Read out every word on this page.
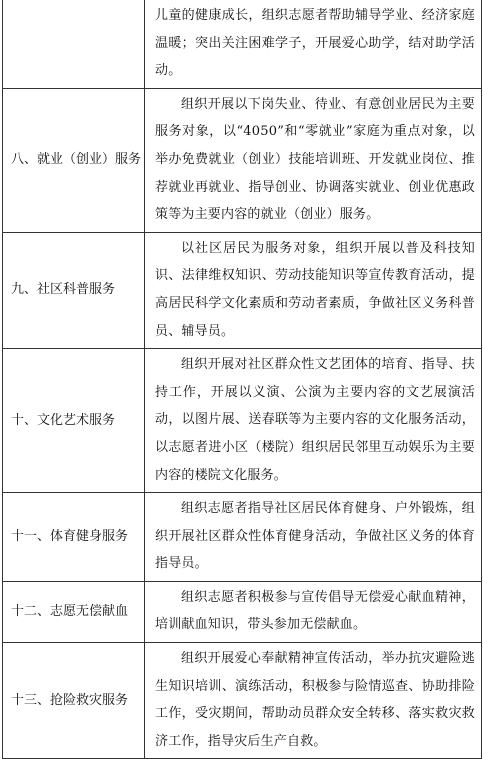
	儿童的健康成长，组织志愿者帮助辅导学业、经济家庭温暖；突出关注困难学子，开展爱心助学，结对助学活动。

八、就业（创业）服务	组织开展以下岗失业、待业、有意创业居民为主要服务对象，以“4050”和“零就业”家庭为重点对象，以举办免费就业（创业）技能培训班、开发就业岗位、推荐就业再就业、指导创业、协调落实就业、创业优惠政策等为主要内容的就业（创业）服务。

九、社区科普服务	以社区居民为服务对象，组织开展以普及科技知识、法律维权知识、劳动技能知识等宣传教育活动，提高居民科学文化素质和劳动者素质，争做社区义务科普员、辅导员。

十、文化艺术服务	组织开展对社区群众性文艺团体的培育、指导、扶持工作，开展以义演、公演为主要内容的文艺展演活动，以图片展、送春联等为主要内容的文化服务活动，以志愿者进小区（楼院）组织居民邻里互动娱乐为主要内容的楼院文化服务。

十一、体育健身服务	组织志愿者指导社区居民体育健身、户外锻炼，组织开展社区群众性体育健身活动，争做社区义务的体育指导员。

十二、志愿无偿献血	组织志愿者积极参与宣传倡导无偿爱心献血精神，培训献血知识，带头参加无偿献血。

十三、抢险救灾服务	组织开展爱心奉献精神宣传活动，举办抗灾避险逃生知识培训、演练活动，积极参与险情巡查、协助排险工作，受灾期间，帮助动员群众安全转移、落实救灾救济工作，指导灾后生产自救。
